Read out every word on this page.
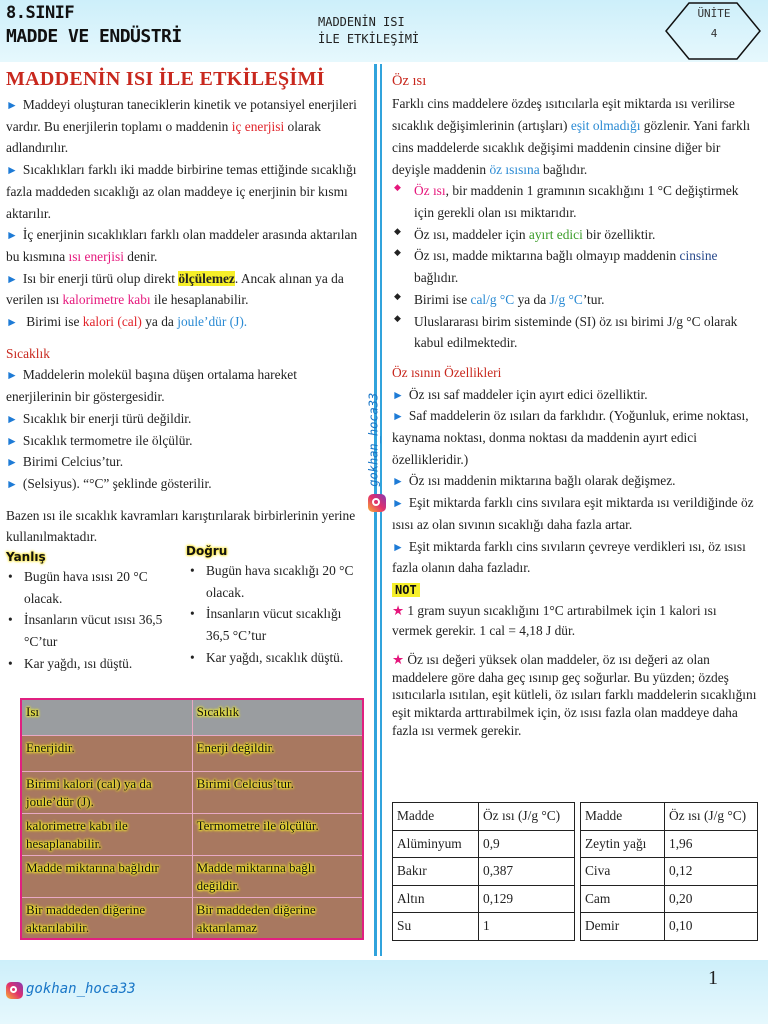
8.SINIF
MADDE VE ENDÜSTRİ
MADDENİN ISI
İLE ETKİLEŞİMİ
ÜNİTE
4
gokhan_hoca33
MADDENİN ISI İLE ETKİLEŞİMİ

► Maddeyi oluşturan taneciklerin kinetik ve potansiyel enerjileri vardır. Bu enerjilerin toplamı o maddenin iç enerjisi olarak adlandırılır.

► Sıcaklıkları farklı iki madde birbirine temas ettiğinde sıcaklığı fazla maddeden sıcaklığı az olan maddeye iç enerjinin bir kısmı aktarılır.

► İç enerjinin sıcaklıkları farklı olan maddeler arasında aktarılan bu kısmına ısı enerjisi denir.

► Isı bir enerji türü olup direkt ölçülemez. Ancak alınan ya da verilen ısı kalorimetre kabı ile hesaplanabilir.

► Birimi ise kalori (cal) ya da joule’dür (J).

Sıcaklık

► Maddelerin molekül başına düşen ortalama hareket enerjilerinin bir göstergesidir.

► Sıcaklık bir enerji türü değildir.

► Sıcaklık termometre ile ölçülür.

► Birimi Celcius’tur.

► (Selsiyus). “°C” şeklinde gösterilir.

Bazen ısı ile sıcaklık kavramları karıştırılarak birbirlerinin yerine kullanılmaktadır.

Yanlış	Doğru
• Bugün hava ısısı 20 °C olacak.
• İnsanların vücut ısısı 36,5 °C’tur
• Kar yağdı, ısı düştü.
• Bugün hava sıcaklığı 20 °C olacak.
• İnsanların vücut sıcaklığı 36,5 °C’tur
• Kar yağdı, sıcaklık düştü.
Isı	Sıcaklık
Enerjidir.	Enerji değildir.
Birimi kalori (cal) ya da joule’dür (J).	Birimi Celcius’tur.
kalorimetre kabı ile hesaplanabilir.	Termometre ile ölçülür.
Madde miktarına bağlıdır	Madde miktarına bağlı değildir.
Bir maddeden diğerine aktarılabilir.	Bir maddeden diğerine aktarılamaz
Öz ısı

Farklı cins maddelere özdeş ısıtıcılarla eşit miktarda ısı verilirse sıcaklık değişimlerinin (artışları) eşit olmadığı gözlenir. Yani farklı cins maddelerde sıcaklık değişimi maddenin cinsine diğer bir deyişle maddenin öz ısısına bağlıdır.

◆ Öz ısı, bir maddenin 1 gramının sıcaklığını 1 °C değiştirmek için gerekli olan ısı miktarıdır.
◆ Öz ısı, maddeler için ayırt edici bir özelliktir.
◆ Öz ısı, madde miktarına bağlı olmayıp maddenin cinsine bağlıdır.
◆ Birimi ise cal/g °C ya da J/g °C’tur.
◆ Uluslararası birim sisteminde (SI) öz ısı birimi J/g °C olarak kabul edilmektedir.
Öz ısının Özellikleri

► Öz ısı saf maddeler için ayırt edici özelliktir.

► Saf maddelerin öz ısıları da farklıdır. (Yoğunluk, erime noktası, kaynama noktası, donma noktası da maddenin ayırt edici özellikleridir.)

► Öz ısı maddenin miktarına bağlı olarak değişmez.

► Eşit miktarda farklı cins sıvılara eşit miktarda ısı verildiğinde öz ısısı az olan sıvının sıcaklığı daha fazla artar.

► Eşit miktarda farklı cins sıvıların çevreye verdikleri ısı, öz ısısı fazla olanın daha fazladır.

NOT

★ 1 gram suyun sıcaklığını 1°C artırabilmek için 1 kalori ısı vermek gerekir. 1 cal = 4,18 J dür.

★ Öz ısı değeri yüksek olan maddeler, öz ısı değeri az olan maddelere göre daha geç ısınıp geç soğurlar. Bu yüzden; özdeş ısıtıcılarla ısıtılan, eşit kütleli, öz ısıları farklı maddelerin sıcaklığını eşit miktarda arttırabilmek için, öz ısısı fazla olan maddeye daha fazla ısı vermek gerekir.

Madde	Öz ısı (J/g °C)
Alüminyum	0,9
Bakır	0,387
Altın	0,129
Su	1
Madde	Öz ısı (J/g °C)
Zeytin yağı	1,96
Civa	0,12
Cam	0,20
Demir	0,10
gokhan_hoca33	1
